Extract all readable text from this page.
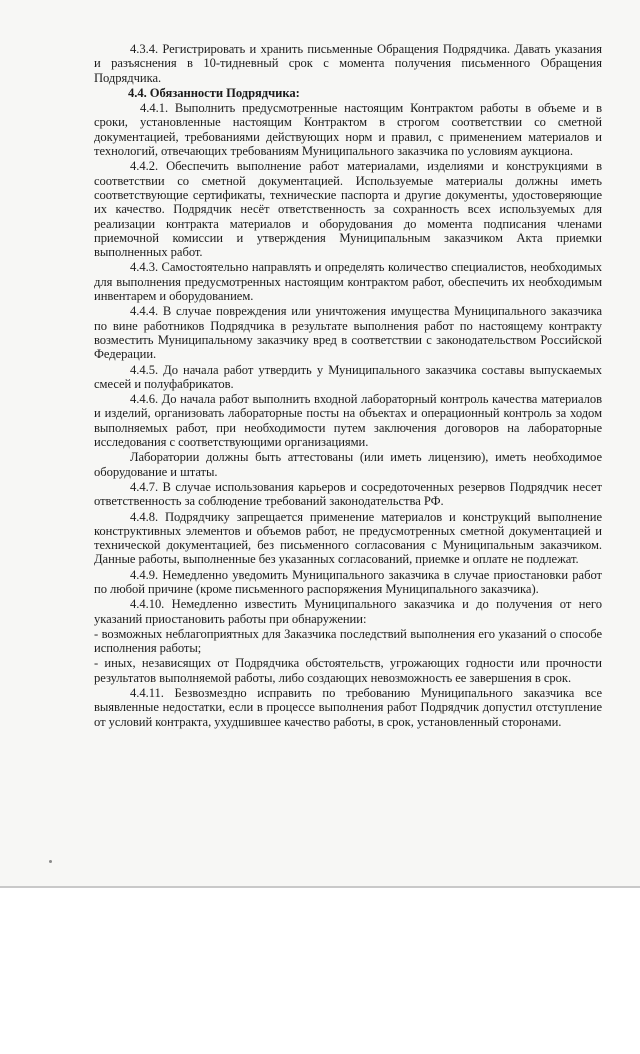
4.3.4. Регистрировать и хранить письменные Обращения Подрядчика. Давать указания и разъяснения в 10-тидневный срок с момента получения письменного Обращения Подрядчика.

4.4. Обязанности Подрядчика:

4.4.1. Выполнить предусмотренные настоящим Контрактом работы в объеме и в сроки, установленные настоящим Контрактом в строгом соответствии со сметной документацией, требованиями действующих норм и правил, с применением материалов и технологий, отвечающих требованиям Муниципального заказчика по условиям аукциона.

4.4.2. Обеспечить выполнение работ материалами, изделиями и конструкциями в соответствии со сметной документацией. Используемые материалы должны иметь соответствующие сертификаты, технические паспорта и другие документы, удостоверяющие их качество. Подрядчик несёт ответственность за сохранность всех используемых для реализации контракта материалов и оборудования до момента подписания членами приемочной комиссии и утверждения Муниципальным заказчиком Акта приемки выполненных работ.

4.4.3. Самостоятельно направлять и определять количество специалистов, необходимых для выполнения предусмотренных настоящим контрактом работ, обеспечить их необходимым инвентарем и оборудованием.

4.4.4. В случае повреждения или уничтожения имущества Муниципального заказчика по вине работников Подрядчика в результате выполнения работ по настоящему контракту возместить Муниципальному заказчику вред в соответствии с законодательством Российской Федерации.

4.4.5. До начала работ утвердить у Муниципального заказчика составы выпускаемых смесей и полуфабрикатов.

4.4.6. До начала работ выполнить входной лабораторный контроль качества материалов и изделий, организовать лабораторные посты на объектах и операционный контроль за ходом выполняемых работ, при необходимости путем заключения договоров на лабораторные исследования с соответствующими организациями.

Лаборатории должны быть аттестованы (или иметь лицензию), иметь необходимое оборудование и штаты.

4.4.7. В случае использования карьеров и сосредоточенных резервов Подрядчик несет ответственность за соблюдение требований законодательства РФ.

4.4.8. Подрядчику запрещается применение материалов и конструкций выполнение конструктивных элементов и объемов работ, не предусмотренных сметной документацией и технической документацией, без письменного согласования с Муниципальным заказчиком. Данные работы, выполненные без указанных согласований, приемке и оплате не подлежат.

4.4.9. Немедленно уведомить Муниципального заказчика в случае приостановки работ по любой причине (кроме письменного распоряжения Муниципального заказчика).

4.4.10. Немедленно известить Муниципального заказчика и до получения от него указаний приостановить работы при обнаружении:

- возможных неблагоприятных для Заказчика последствий выполнения его указаний о способе исполнения работы;

- иных, независящих от Подрядчика обстоятельств, угрожающих годности или прочности результатов выполняемой работы, либо создающих невозможность ее завершения в срок.

4.4.11. Безвозмездно исправить по требованию Муниципального заказчика все выявленные недостатки, если в процессе выполнения работ Подрядчик допустил отступление от условий контракта, ухудшившее качество работы, в срок, установленный сторонами.
